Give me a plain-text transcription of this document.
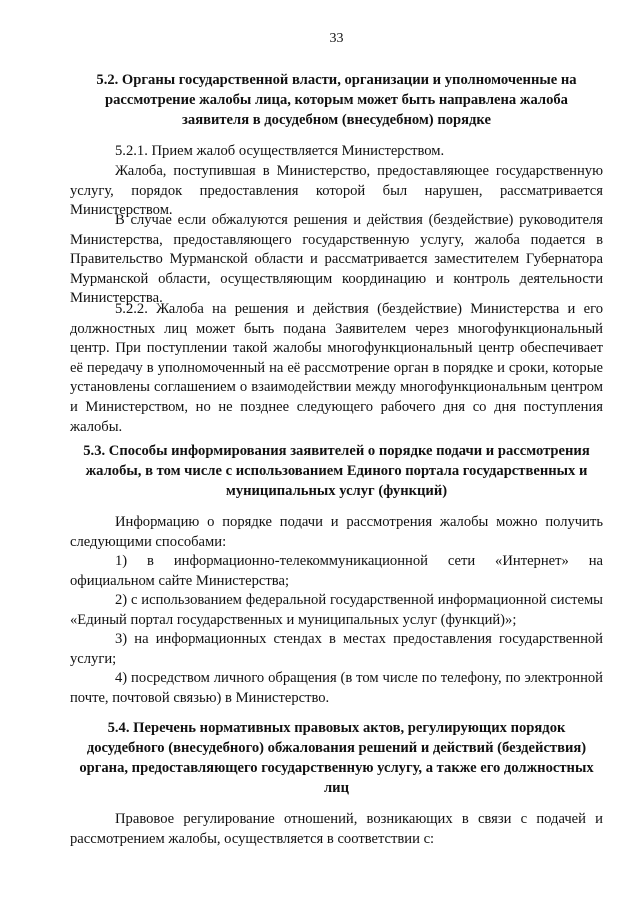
33
5.2. Органы государственной власти, организации и уполномоченные на рассмотрение жалобы лица, которым может быть направлена жалоба заявителя в досудебном (внесудебном) порядке
5.2.1. Прием жалоб осуществляется Министерством.
Жалоба, поступившая в Министерство, предоставляющее государственную услугу, порядок предоставления которой был нарушен, рассматривается Министерством.
В случае если обжалуются решения и действия (бездействие) руководителя Министерства, предоставляющего государственную услугу, жалоба подается в Правительство Мурманской области и рассматривается заместителем Губернатора Мурманской области, осуществляющим координацию и контроль деятельности Министерства.
5.2.2. Жалоба на решения и действия (бездействие) Министерства и его должностных лиц может быть подана Заявителем через многофункциональный центр. При поступлении такой жалобы многофункциональный центр обеспечивает её передачу в уполномоченный на её рассмотрение орган в порядке и сроки, которые установлены соглашением о взаимодействии между многофункциональным центром и Министерством, но не позднее следующего рабочего дня со дня поступления жалобы.
5.3. Способы информирования заявителей о порядке подачи и рассмотрения жалобы, в том числе с использованием Единого портала государственных и муниципальных услуг (функций)
Информацию о порядке подачи и рассмотрения жалобы можно получить следующими способами:
1) в информационно-телекоммуникационной сети «Интернет» на официальном сайте Министерства;
2) с использованием федеральной государственной информационной системы «Единый портал государственных и муниципальных услуг (функций)»;
3) на информационных стендах в местах предоставления государственной услуги;
4) посредством личного обращения (в том числе по телефону, по электронной почте, почтовой связью) в Министерство.
5.4. Перечень нормативных правовых актов, регулирующих порядок досудебного (внесудебного) обжалования решений и действий (бездействия) органа, предоставляющего государственную услугу, а также его должностных лиц
Правовое регулирование отношений, возникающих в связи с подачей и рассмотрением жалобы, осуществляется в соответствии с:
